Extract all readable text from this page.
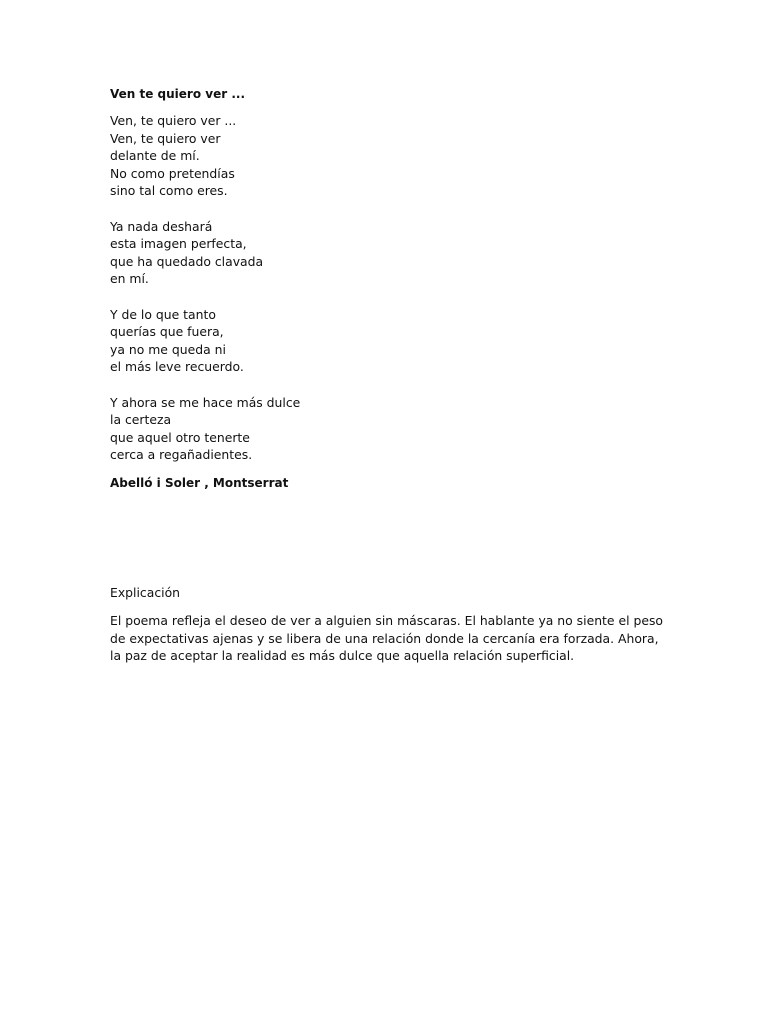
Ven te quiero ver ...
Ven, te quiero ver ...
Ven, te quiero ver
delante de mí.
No como pretendías
sino tal como eres.
Ya nada deshará
esta imagen perfecta,
que ha quedado clavada
en mí.
Y de lo que tanto
querías que fuera,
ya no me queda ni
el más leve recuerdo.
Y ahora se me hace más dulce
la certeza
que aquel otro tenerte
cerca a regañadientes.
Abelló i Soler , Montserrat
Explicación
El poema refleja el deseo de ver a alguien sin máscaras. El hablante ya no siente el peso de expectativas ajenas y se libera de una relación donde la cercanía era forzada. Ahora, la paz de aceptar la realidad es más dulce que aquella relación superficial.
